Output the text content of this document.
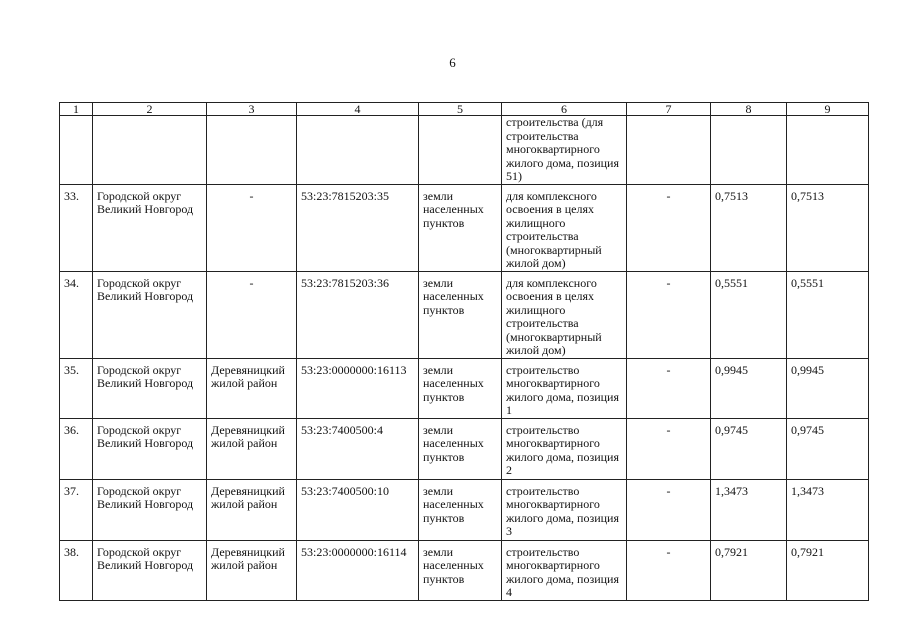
6
1	2	3	4	5	6	7	8	9
					строительства (для строительства многоквартирного жилого дома, позиция 51)			
33.	Городской округ Великий Новгород	-	53:23:7815203:35	земли населенных пунктов	для комплексного освоения в целях жилищного строительства (многоквартирный жилой дом)	-	0,7513	0,7513
34.	Городской округ Великий Новгород	-	53:23:7815203:36	земли населенных пунктов	для комплексного освоения в целях жилищного строительства (многоквартирный жилой дом)	-	0,5551	0,5551
35.	Городской округ Великий Новгород	Деревяницкий жилой район	53:23:0000000:16113	земли населенных пунктов	строительство многоквартирного жилого дома, позиция 1	-	0,9945	0,9945
36.	Городской округ Великий Новгород	Деревяницкий жилой район	53:23:7400500:4	земли населенных пунктов	строительство многоквартирного жилого дома, позиция 2	-	0,9745	0,9745
37.	Городской округ Великий Новгород	Деревяницкий жилой район	53:23:7400500:10	земли населенных пунктов	строительство многоквартирного жилого дома, позиция 3	-	1,3473	1,3473
38.	Городской округ Великий Новгород	Деревяницкий жилой район	53:23:0000000:16114	земли населенных пунктов	строительство многоквартирного жилого дома, позиция 4	-	0,7921	0,7921
